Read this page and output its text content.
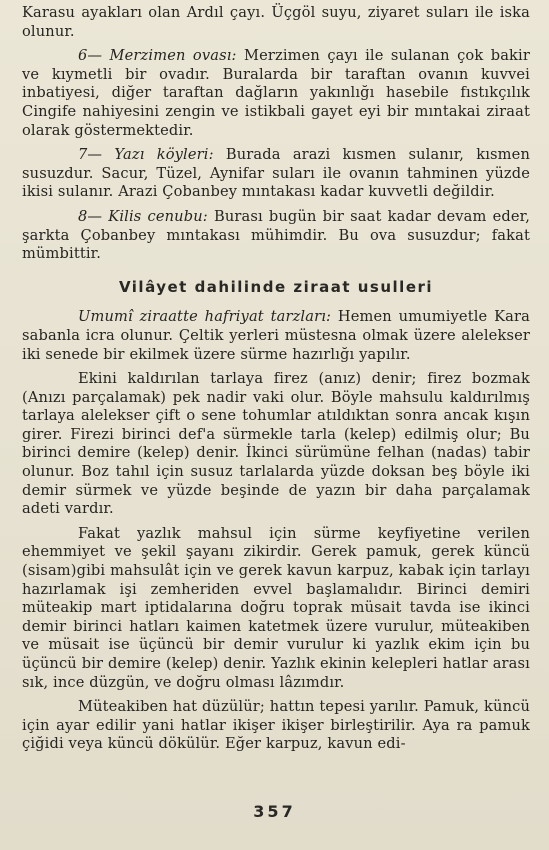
Karasu ayakları olan Ardıl çayı. Üçgöl suyu, ziyaret suları ile iska olunur.

6— Merzimen ovası: Merzimen çayı ile sulanan çok bakir ve kıymetli bir ovadır. Buralarda bir taraftan ovanın kuvvei inbatiyesi, diğer taraftan dağların yakınlığı hasebile fıstıkçılık Cingife nahiyesini zengin ve istikbali gayet eyi bir mıntakai ziraat olarak göstermektedir.

7— Yazı köyleri: Burada arazi kısmen sulanır, kısmen susuzdur. Sacur, Tüzel, Aynifar suları ile ovanın tahminen yüzde ikisi sulanır. Arazi Çobanbey mıntakası kadar kuvvetli değildir.

8— Kilis cenubu: Burası bugün bir saat kadar devam eder, şarkta Çobanbey mıntakası mühimdir. Bu ova susuzdur; fakat mümbittir.

Vilâyet dahilinde ziraat usulleri

Umumî ziraatte hafriyat tarzları: Hemen umumiyetle Kara sabanla icra olunur. Çeltik yerleri müstesna olmak üzere alelekser iki senede bir ekilmek üzere sürme hazırlığı yapılır.

Ekini kaldırılan tarlaya firez (anız) denir; firez bozmak (Anızı parçalamak) pek nadir vaki olur. Böyle mahsulu kaldırılmış tarlaya alelekser çift o sene tohumlar atıldıktan sonra ancak kışın girer. Firezi birinci def'a sürmekle tarla (kelep) edilmiş olur; Bu birinci demire (kelep) denir. İkinci sürümüne felhan (nadas) tabir olunur. Boz tahıl için susuz tarlalarda yüzde doksan beş böyle iki demir sürmek ve yüzde beşinde de yazın bir daha parçalamak adeti vardır.

Fakat yazlık mahsul için sürme keyfiyetine verilen ehemmiyet ve şekil şayanı zikirdir. Gerek pamuk, gerek küncü (sisam)gibi mahsulât için ve gerek kavun karpuz, kabak için tarlayı hazırlamak işi zemheriden evvel başlamalıdır. Birinci demiri müteakip mart iptidalarına doğru toprak müsait tavda ise ikinci demir birinci hatları kaimen katetmek üzere vurulur, müteakiben ve müsait ise üçüncü bir demir vurulur ki yazlık ekim için bu üçüncü bir demire (kelep) denir. Yazlık ekinin kelepleri hatlar arası sık, ince düzgün, ve doğru olması lâzımdır.

Müteakiben hat düzülür; hattın tepesi yarılır. Pamuk, küncü için ayar edilir yani hatlar ikişer ikişer birleştirilir. Aya ra pamuk çiğidi veya küncü dökülür. Eğer karpuz, kavun edi-

357
